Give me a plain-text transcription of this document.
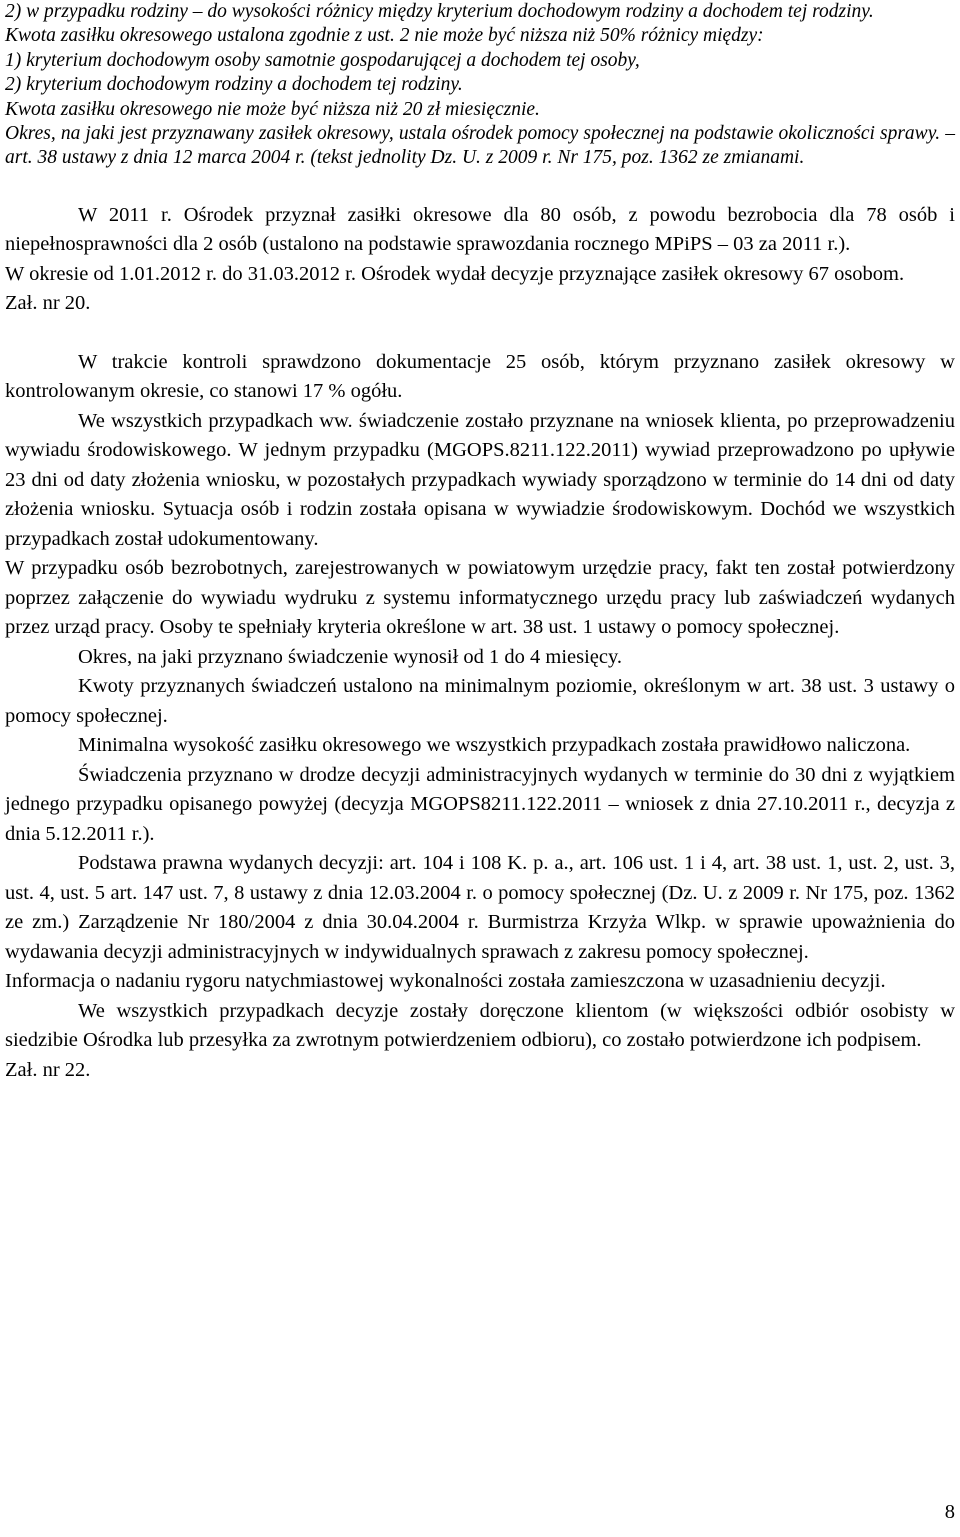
2) w przypadku rodziny – do wysokości różnicy między kryterium dochodowym rodziny a dochodem tej rodziny.

Kwota zasiłku okresowego ustalona zgodnie z ust. 2 nie może być niższa niż 50% różnicy między:

1) kryterium dochodowym osoby samotnie gospodarującej a dochodem tej osoby,

2) kryterium dochodowym rodziny a dochodem tej rodziny.

Kwota zasiłku okresowego nie może być niższa niż 20 zł miesięcznie.

Okres, na jaki jest przyznawany zasiłek okresowy, ustala ośrodek pomocy społecznej na podstawie okoliczności sprawy. – art. 38 ustawy z dnia 12 marca 2004 r. (tekst jednolity Dz. U. z 2009 r. Nr 175, poz. 1362 ze zmianami.

W 2011 r. Ośrodek przyznał zasiłki okresowe dla 80 osób, z powodu bezrobocia dla 78 osób i niepełnosprawności dla 2 osób (ustalono na podstawie sprawozdania rocznego MPiPS – 03 za 2011 r.).

W okresie od 1.01.2012 r. do 31.03.2012 r. Ośrodek wydał decyzje przyznające zasiłek okresowy 67 osobom.

Zał. nr 20.

W trakcie kontroli sprawdzono dokumentacje 25 osób, którym przyznano zasiłek okresowy w kontrolowanym okresie, co stanowi 17 % ogółu.

We wszystkich przypadkach ww. świadczenie zostało przyznane na wniosek klienta, po przeprowadzeniu wywiadu środowiskowego. W jednym przypadku (MGOPS.8211.122.2011) wywiad przeprowadzono po upływie 23 dni od daty złożenia wniosku, w pozostałych przypadkach wywiady sporządzono w terminie do 14 dni od daty złożenia wniosku. Sytuacja osób i rodzin została opisana w wywiadzie środowiskowym. Dochód we wszystkich przypadkach został udokumentowany.

W przypadku osób bezrobotnych, zarejestrowanych w powiatowym urzędzie pracy, fakt ten został potwierdzony poprzez załączenie do wywiadu wydruku z systemu informatycznego urzędu pracy lub zaświadczeń wydanych przez urząd pracy. Osoby te spełniały kryteria określone w art. 38 ust. 1 ustawy o pomocy społecznej.

Okres, na jaki przyznano świadczenie wynosił od 1 do 4 miesięcy.

Kwoty przyznanych świadczeń ustalono na minimalnym poziomie, określonym w art. 38 ust. 3 ustawy o pomocy społecznej.

Minimalna wysokość zasiłku okresowego we wszystkich przypadkach została prawidłowo naliczona.

Świadczenia przyznano w drodze decyzji administracyjnych wydanych w terminie do 30 dni z wyjątkiem jednego przypadku opisanego powyżej (decyzja MGOPS8211.122.2011 – wniosek z dnia 27.10.2011 r., decyzja z dnia 5.12.2011 r.).

Podstawa prawna wydanych decyzji: art. 104 i 108 K. p. a., art. 106 ust. 1 i 4, art. 38 ust. 1, ust. 2, ust. 3, ust. 4, ust. 5 art. 147 ust. 7, 8 ustawy z dnia 12.03.2004 r. o pomocy społecznej (Dz. U. z 2009 r. Nr 175, poz. 1362 ze zm.) Zarządzenie Nr 180/2004 z dnia 30.04.2004 r. Burmistrza Krzyża Wlkp. w sprawie upoważnienia do wydawania decyzji administracyjnych w indywidualnych sprawach z zakresu pomocy społecznej.

Informacja o nadaniu rygoru natychmiastowej wykonalności została zamieszczona w uzasadnieniu decyzji.

We wszystkich przypadkach decyzje zostały doręczone klientom (w większości odbiór osobisty w siedzibie Ośrodka lub przesyłka za zwrotnym potwierdzeniem odbioru), co zostało potwierdzone ich podpisem.

Zał. nr 22.

8
